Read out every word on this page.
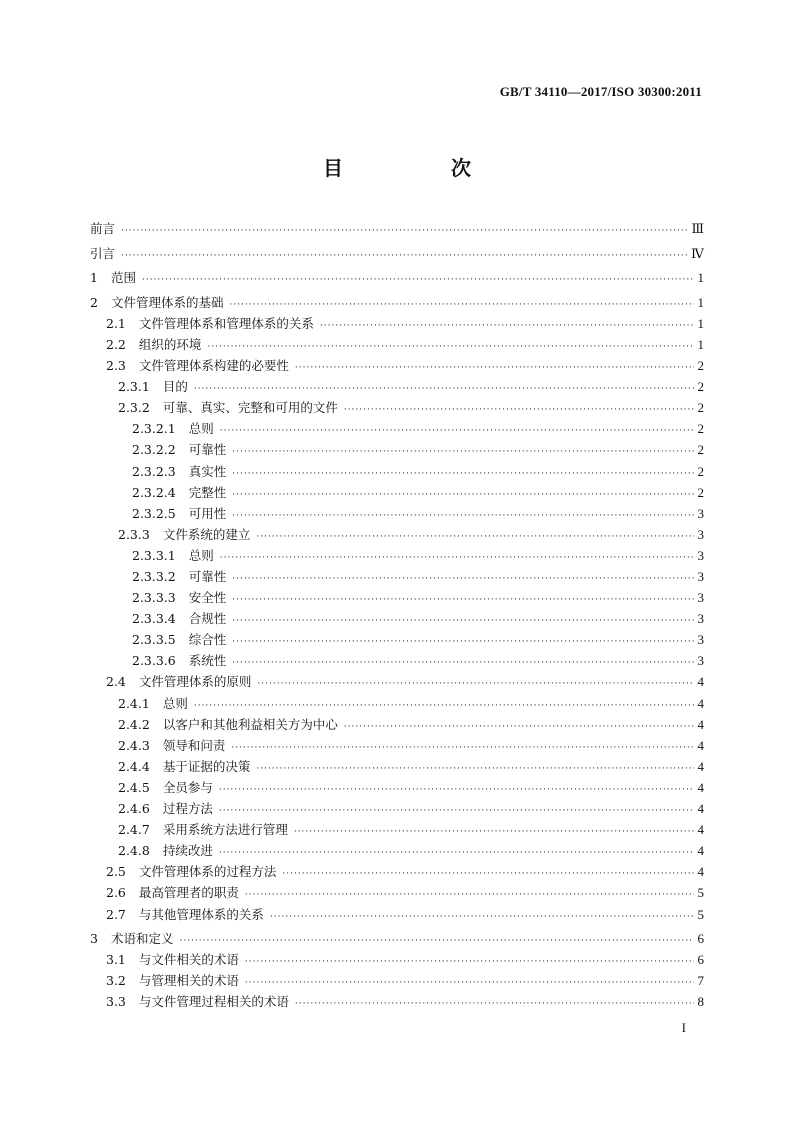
GB/T 34110—2017/ISO 30300:2011
目　次
前言 ·····	Ⅲ
引言 ·····	Ⅳ
1 范围 ·····	1
2 文件管理体系的基础 ·····	1
2.1 文件管理体系和管理体系的关系 ·····	1
2.2 组织的环境 ·····	1
2.3 文件管理体系构建的必要性 ·····	2
2.3.1 目的 ·····	2
2.3.2 可靠、真实、完整和可用的文件 ·····	2
2.3.2.1 总则 ·····	2
2.3.2.2 可靠性 ·····	2
2.3.2.3 真实性 ·····	2
2.3.2.4 完整性 ·····	2
2.3.2.5 可用性 ·····	3
2.3.3 文件系统的建立 ·····	3
2.3.3.1 总则 ·····	3
2.3.3.2 可靠性 ·····	3
2.3.3.3 安全性 ·····	3
2.3.3.4 合规性 ·····	3
2.3.3.5 综合性 ·····	3
2.3.3.6 系统性 ·····	3
2.4 文件管理体系的原则 ·····	4
2.4.1 总则 ·····	4
2.4.2 以客户和其他利益相关方为中心 ·····	4
2.4.3 领导和问责 ·····	4
2.4.4 基于证据的决策 ·····	4
2.4.5 全员参与 ·····	4
2.4.6 过程方法 ·····	4
2.4.7 采用系统方法进行管理 ·····	4
2.4.8 持续改进 ·····	4
2.5 文件管理体系的过程方法 ·····	4
2.6 最高管理者的职责 ·····	5
2.7 与其他管理体系的关系 ·····	5
3 术语和定义 ·····	6
3.1 与文件相关的术语 ·····	6
3.2 与管理相关的术语 ·····	7
3.3 与文件管理过程相关的术语 ·····	8
I
